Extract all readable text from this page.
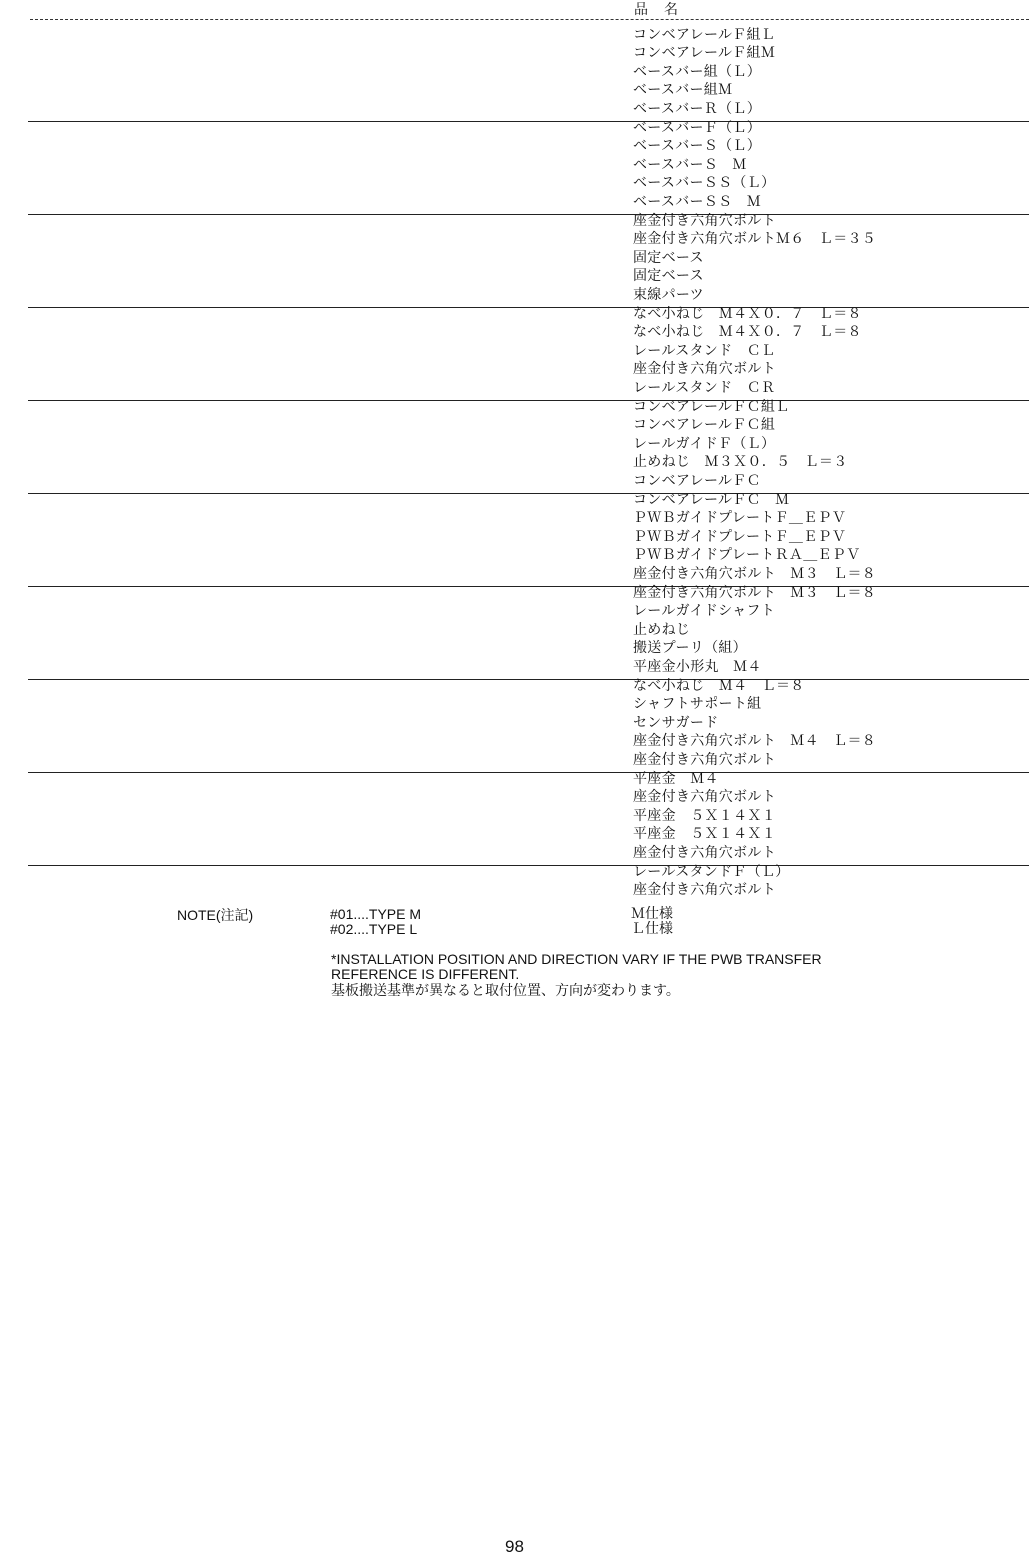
品　名
コンベアレールＦ組Ｌ
コンベアレールＦ組Ｍ
ベースバー組（Ｌ）
ベースバー組Ｍ
ベースバーＲ（Ｌ）
ベースバーＦ（Ｌ）
ベースバーＳ（Ｌ）
ベースバーＳ　Ｍ
ベースバーＳＳ（Ｌ）
ベースバーＳＳ　Ｍ
座金付き六角穴ボルト
座金付き六角穴ボルトＭ６　Ｌ＝３５
固定ベース
固定ベース
束線パーツ
なべ小ねじ　Ｍ４Ｘ０．７　Ｌ＝８
なべ小ねじ　Ｍ４Ｘ０．７　Ｌ＝８
レールスタンド　ＣＬ
座金付き六角穴ボルト
レールスタンド　ＣＲ
コンベアレールＦＣ組Ｌ
コンベアレールＦＣ組
レールガイドＦ（Ｌ）
止めねじ　Ｍ３Ｘ０．５　Ｌ＝３
コンベアレールＦＣ
コンベアレールＦＣ　Ｍ
ＰＷＢガイドプレートＦ＿ＥＰＶ
ＰＷＢガイドプレートＦ＿ＥＰＶ
ＰＷＢガイドプレートＲＡ＿ＥＰＶ
座金付き六角穴ボルト　Ｍ３　Ｌ＝８
座金付き六角穴ボルト　Ｍ３　Ｌ＝８
レールガイドシャフト
止めねじ
搬送プーリ（組）
平座金小形丸　Ｍ４
なべ小ねじ　Ｍ４　Ｌ＝８
シャフトサポート組
センサガード
座金付き六角穴ボルト　Ｍ４　Ｌ＝８
座金付き六角穴ボルト
平座金　Ｍ４
座金付き六角穴ボルト
平座金　５Ｘ１４Ｘ１
平座金　５Ｘ１４Ｘ１
座金付き六角穴ボルト
レールスタンドＦ（Ｌ）
座金付き六角穴ボルト
NOTE(注記)	#01....TYPE M
#02....TYPE L
Ｍ仕様
Ｌ仕様
*INSTALLATION POSITION AND DIRECTION VARY IF THE PWB TRANSFER
REFERENCE IS DIFFERENT.
基板搬送基準が異なると取付位置、方向が変わります。
98
